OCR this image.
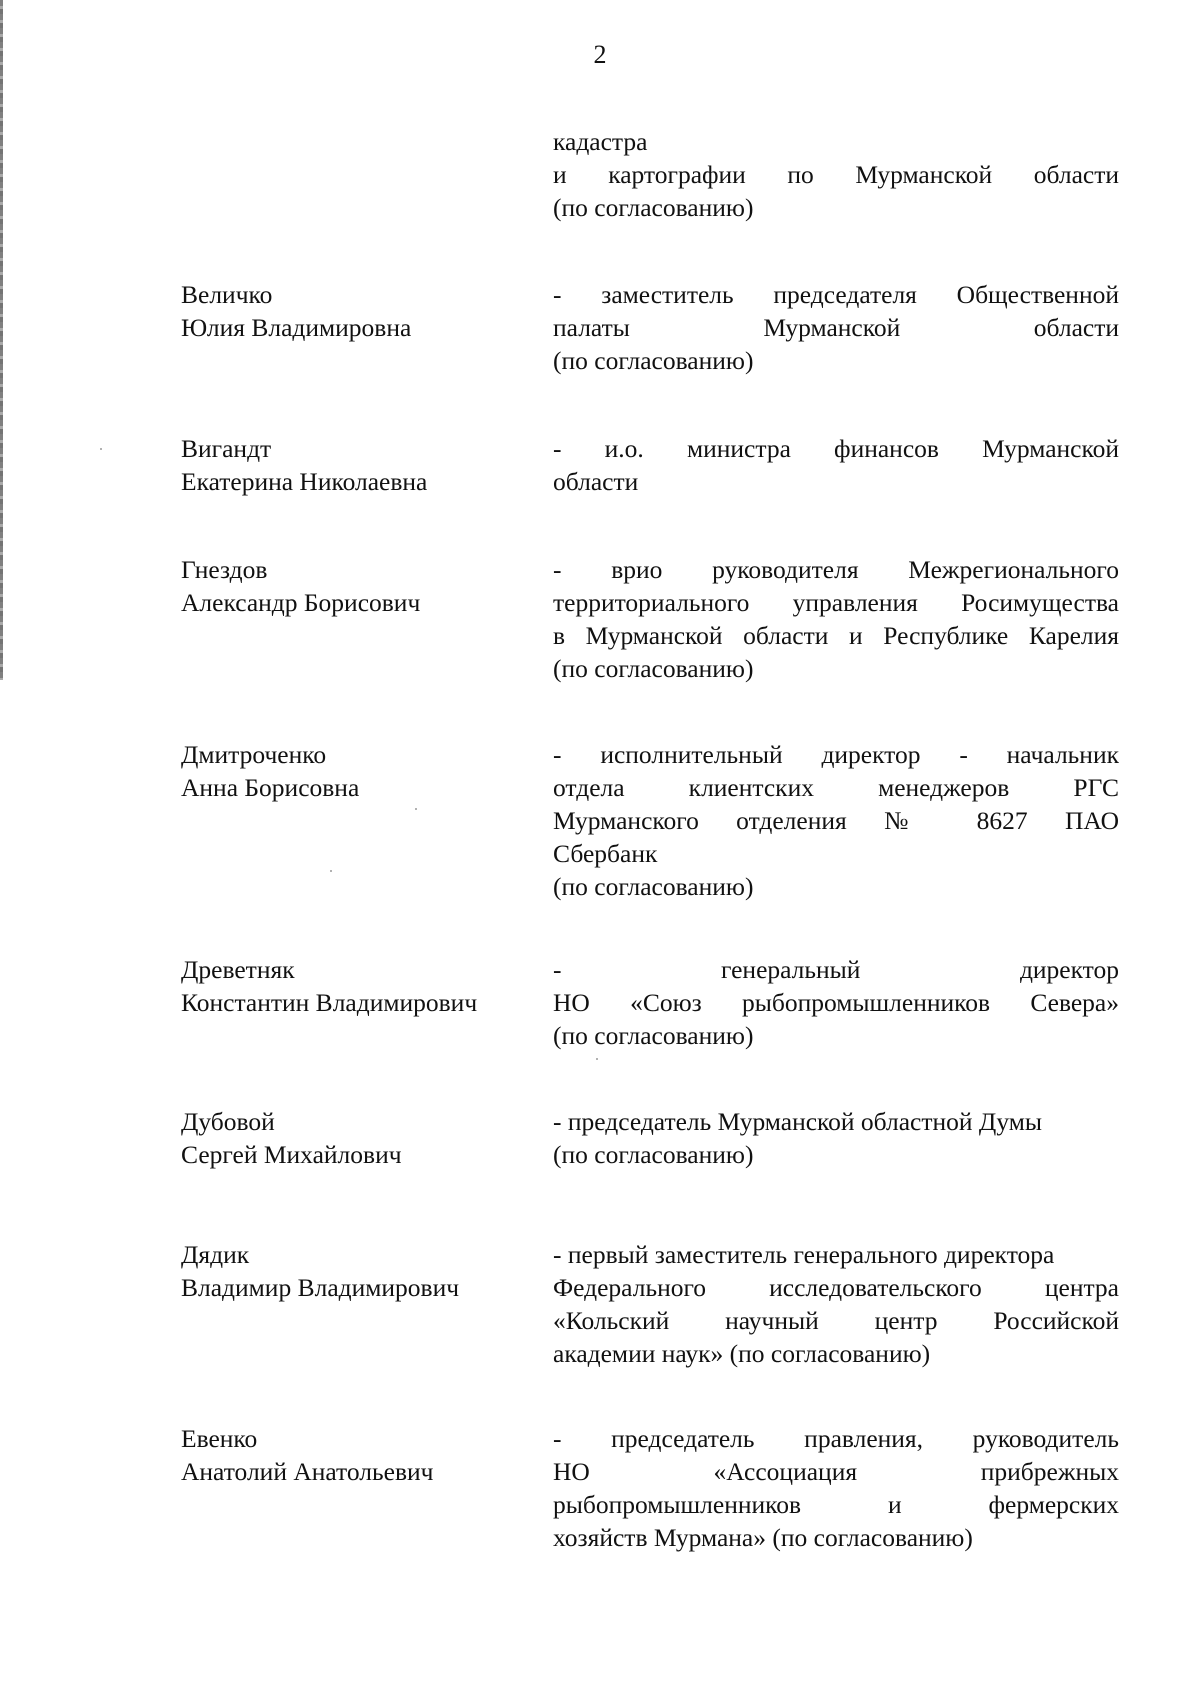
2
кадастра
и картографии по Мурманской области
(по согласованию)
Величко
Юлия Владимировна
- заместитель председателя Общественной
палаты Мурманской области
(по согласованию)
Вигандт
Екатерина Николаевна
- и.о. министра финансов Мурманской
области
Гнездов
Александр Борисович
- врио руководителя Межрегионального
территориального управления Росимущества
в Мурманской области и Республике Карелия
(по согласованию)
Дмитроченко
Анна Борисовна
- исполнительный директор - начальник
отдела клиентских менеджеров РГС
Мурманского отделения № 8627 ПАО
Сбербанк
(по согласованию)
Древетняк
Константин Владимирович
- генеральный директор
НО «Союз рыбопромышленников Севера»
(по согласованию)
Дубовой
Сергей Михайлович
- председатель Мурманской областной Думы
(по согласованию)
Дядик
Владимир Владимирович
- первый заместитель генерального директора
Федерального исследовательского центра
«Кольский научный центр Российской
академии наук» (по согласованию)
Евенко
Анатолий Анатольевич
- председатель правления, руководитель
НО «Ассоциация прибрежных
рыбопромышленников и фермерских
хозяйств Мурмана» (по согласованию)
